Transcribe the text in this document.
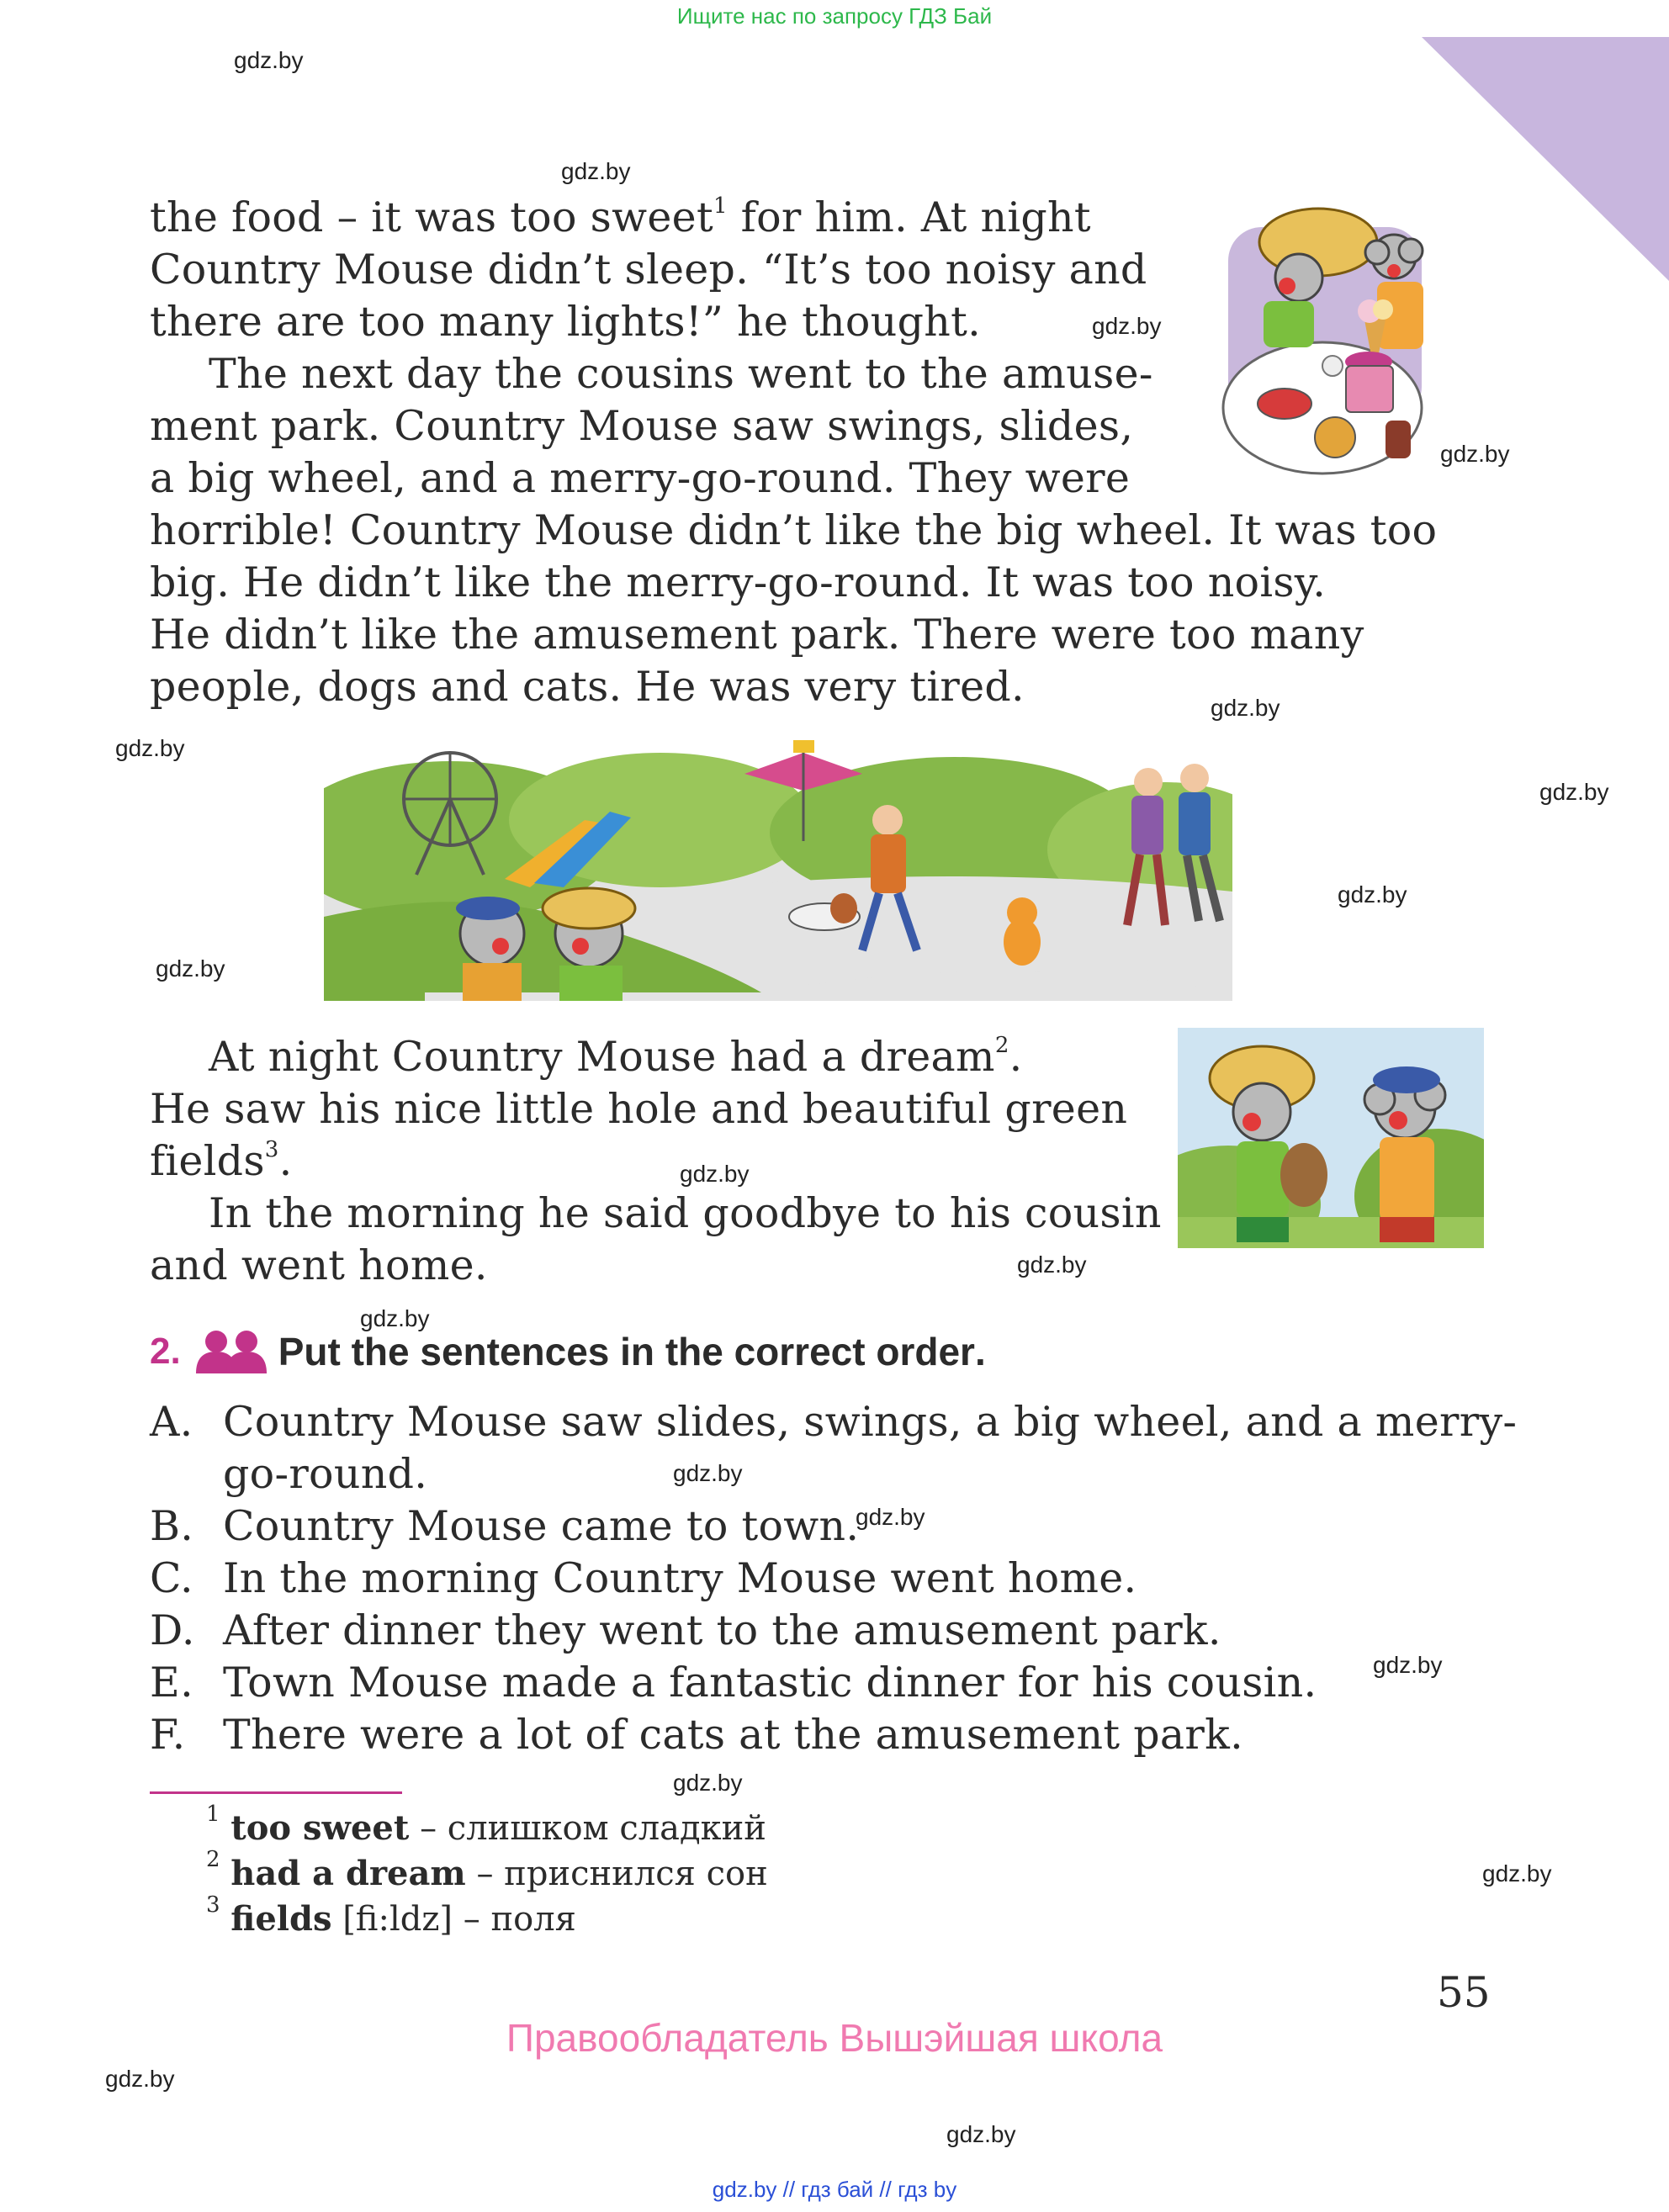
Ищите нас по запросу ГДЗ Бай
gdz.by
gdz.by
gdz.by
gdz.by
gdz.by
gdz.by
gdz.by
gdz.by
gdz.by
gdz.by
gdz.by
gdz.by
gdz.by
gdz.by
gdz.by
gdz.by
gdz.by
gdz.by
gdz.by
the food – it was too sweet$^1$ for him. At night
Country Mouse didn’t sleep. “It’s too noisy and
there are too many lights!” he thought.
The next day the cousins went to the amuse-
ment park. Country Mouse saw swings, slides,
a big wheel, and a merry-go-round. They were
horrible! Country Mouse didn’t like the big wheel. It was too
big. He didn’t like the merry-go-round. It was too noisy.
He didn’t like the amusement park. There were too many
people, dogs and cats. He was very tired.
At night Country Mouse had a dream$^2$.
He saw his nice little hole and beautiful green
fields$^3$.
In the morning he said goodbye to his cousin
and went home.
2.	Put the sentences in the correct order .
A. Country Mouse saw slides, swings, a big wheel, and a merry-
go-round.
B. Country Mouse came to town.
C. In the morning Country Mouse went home.
D. After dinner they went to the amusement park.
E. Town Mouse made a fantastic dinner for his cousin.
F. There were a lot of cats at the amusement park.
$^1$ too sweet – слишком сладкий
$^2$ had a dream – приснился сон
$^3$ fields [fi:ldz] – поля
55
Правообладатель Вышэйшая школа
gdz.by // гдз бай // гдз by
